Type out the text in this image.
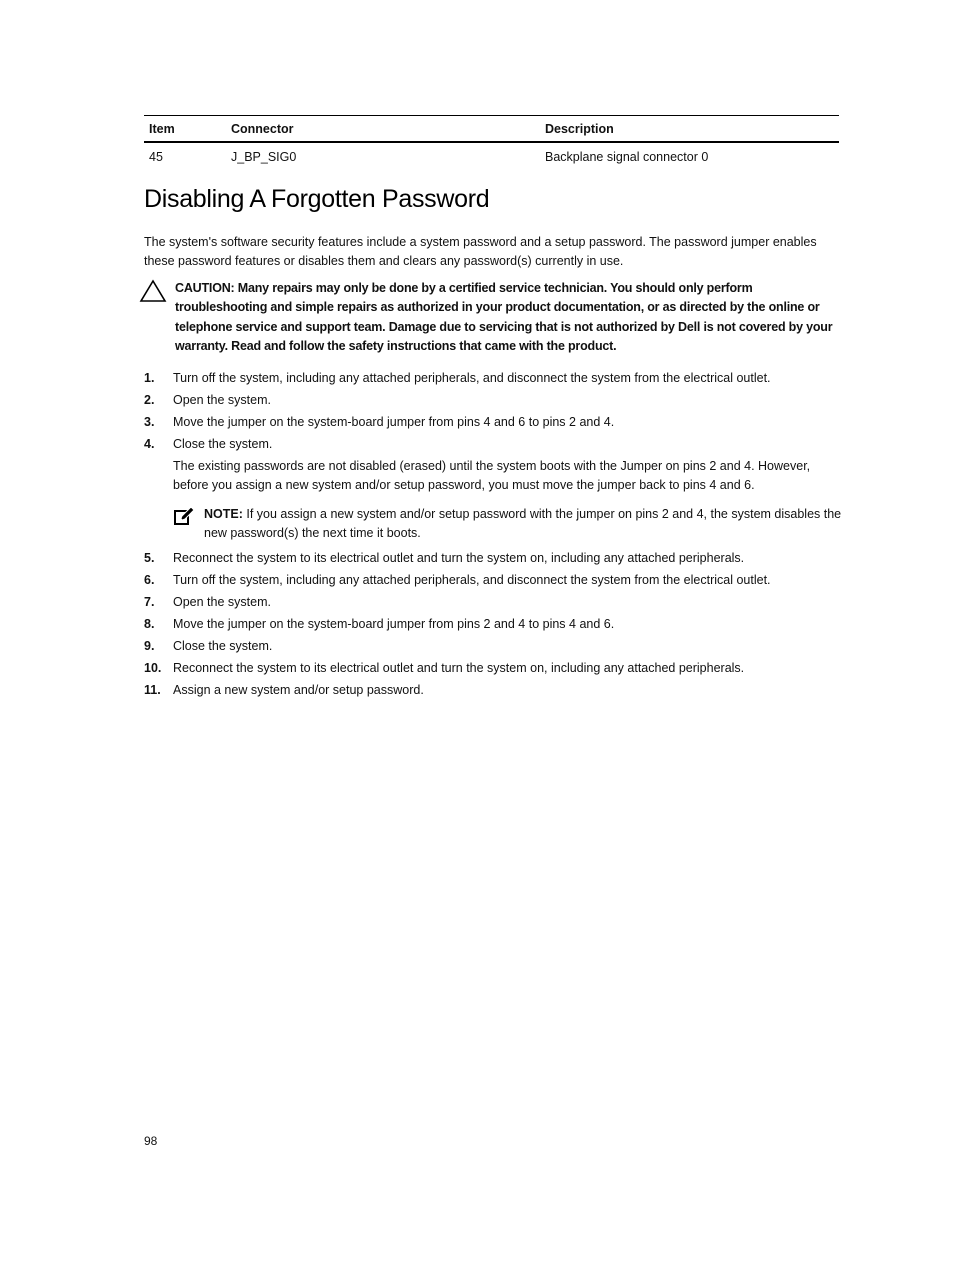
Item	Connector	Description
45	J_BP_SIG0	Backplane signal connector 0
Disabling A Forgotten Password

The system's software security features include a system password and a setup password. The password jumper enables these password features or disables them and clears any password(s) currently in use.

CAUTION: Many repairs may only be done by a certified service technician. You should only perform troubleshooting and simple repairs as authorized in your product documentation, or as directed by the online or telephone service and support team. Damage due to servicing that is not authorized by Dell is not covered by your warranty. Read and follow the safety instructions that came with the product.

1. Turn off the system, including any attached peripherals, and disconnect the system from the electrical outlet.
2. Open the system.
3. Move the jumper on the system-board jumper from pins 4 and 6 to pins 2 and 4.
4. Close the system.

The existing passwords are not disabled (erased) until the system boots with the Jumper on pins 2 and 4. However, before you assign a new system and/or setup password, you must move the jumper back to pins 4 and 6.

NOTE: If you assign a new system and/or setup password with the jumper on pins 2 and 4, the system disables the new password(s) the next time it boots.
5. Reconnect the system to its electrical outlet and turn the system on, including any attached peripherals.
6. Turn off the system, including any attached peripherals, and disconnect the system from the electrical outlet.
7. Open the system.
8. Move the jumper on the system-board jumper from pins 2 and 4 to pins 4 and 6.
9. Close the system.
10. Reconnect the system to its electrical outlet and turn the system on, including any attached peripherals.
11. Assign a new system and/or setup password.
98
